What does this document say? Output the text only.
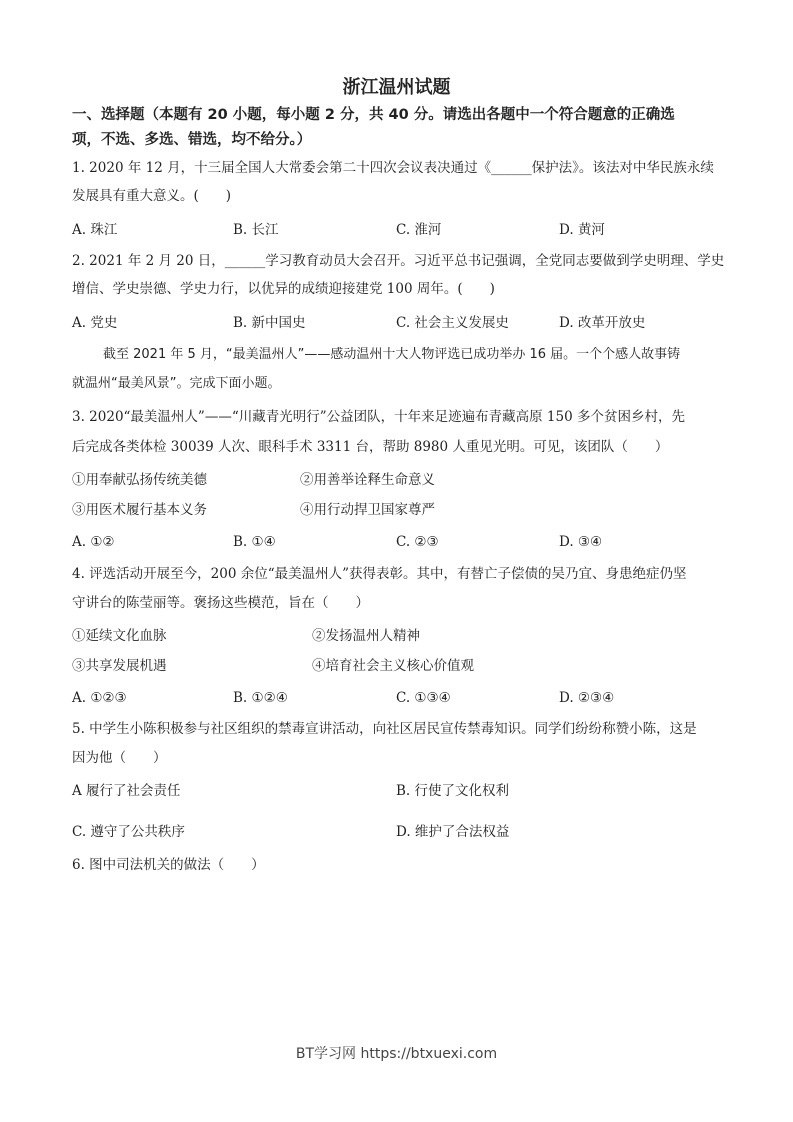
浙江温州试题
一、选择题（本题有 20 小题，每小题 2 分，共 40 分。请选出各题中一个符合题意的正确选
项，不选、多选、错选，均不给分。）
1. 2020 年 12 月，十三届全国人大常委会第二十四次会议表决通过《______保护法》。该法对中华民族永续
发展具有重大意义。(　　)
A. 珠江	B. 长江	C. 淮河	D. 黄河
2. 2021 年 2 月 20 日，______学习教育动员大会召开。习近平总书记强调，全党同志要做到学史明理、学史
增信、学史崇德、学史力行，以优异的成绩迎接建党 100 周年。(　　)
A. 党史	B. 新中国史	C. 社会主义发展史	D. 改革开放史
截至 2021 年 5 月，“最美温州人”——感动温州十大人物评选已成功举办 16 届。一个个感人故事铸
就温州“最美风景”。完成下面小题。
3. 2020“最美温州人”——“川藏青光明行”公益团队，十年来足迹遍布青藏高原 150 多个贫困乡村，先
后完成各类体检 30039 人次、眼科手术 3311 台，帮助 8980 人重见光明。可见，该团队（　　）
①用奉献弘扬传统美德	②用善举诠释生命意义
③用医术履行基本义务	④用行动捍卫国家尊严
A. ①②	B. ①④	C. ②③	D. ③④
4. 评选活动开展至今，200 余位“最美温州人”获得表彰。其中，有替亡子偿债的吴乃宜、身患绝症仍坚
守讲台的陈莹丽等。褒扬这些模范，旨在（　　）
①延续文化血脉	②发扬温州人精神
③共享发展机遇	④培育社会主义核心价值观
A. ①②③	B. ①②④	C. ①③④	D. ②③④
5. 中学生小陈积极参与社区组织的禁毒宣讲活动，向社区居民宣传禁毒知识。同学们纷纷称赞小陈，这是
因为他（　　）
A 履行了社会责任	B. 行使了文化权利
C. 遵守了公共秩序	D. 维护了合法权益
6. 图中司法机关的做法（　　）
BT学习网 https://btxuexi.com
